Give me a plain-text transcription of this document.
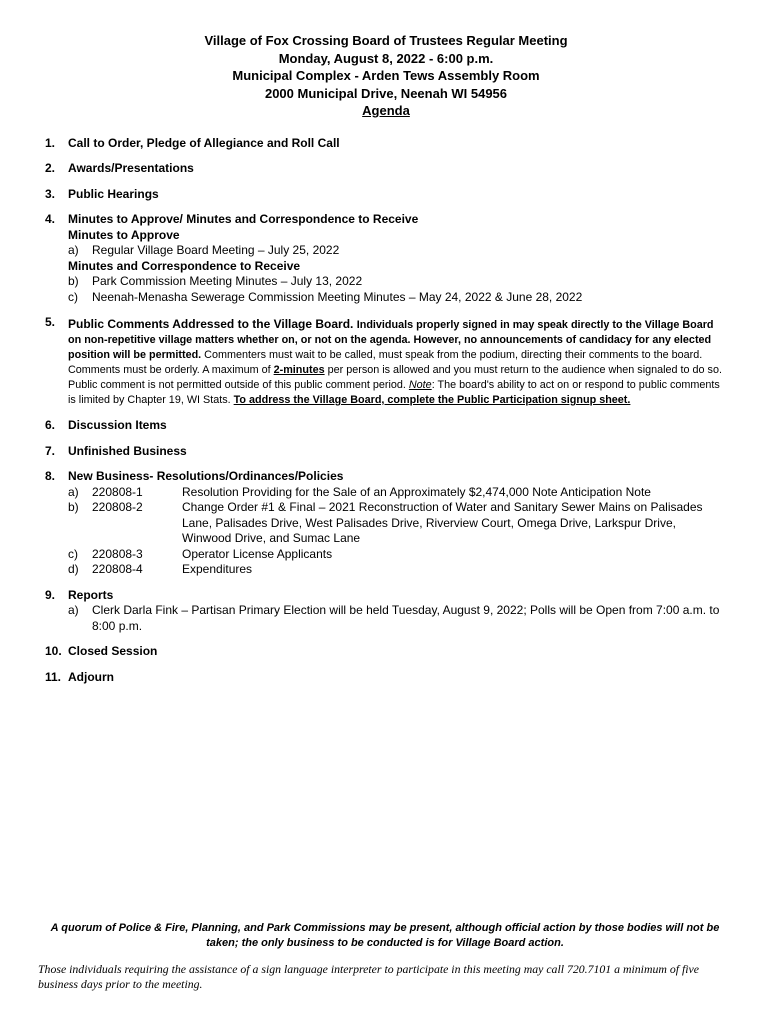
Village of Fox Crossing Board of Trustees Regular Meeting
Monday, August 8, 2022 - 6:00 p.m.
Municipal Complex - Arden Tews Assembly Room
2000 Municipal Drive, Neenah WI 54956
Agenda
1.	Call to Order, Pledge of Allegiance and Roll Call
2.	Awards/Presentations
3.	Public Hearings
4.	Minutes to Approve/ Minutes and Correspondence to Receive
Minutes to Approve
a)	Regular Village Board Meeting – July 25, 2022
Minutes and Correspondence to Receive
b)	Park Commission Meeting Minutes – July 13, 2022
c)	Neenah-Menasha Sewerage Commission Meeting Minutes – May 24, 2022 & June 28, 2022
5.	Public Comments Addressed to the Village Board. Individuals properly signed in may speak directly to the Village Board on non-repetitive village matters whether on, or not on the agenda. However, no announcements of candidacy for any elected position will be permitted. Commenters must wait to be called, must speak from the podium, directing their comments to the board. Comments must be orderly. A maximum of 2-minutes per person is allowed and you must return to the audience when signaled to do so. Public comment is not permitted outside of this public comment period. Note: The board's ability to act on or respond to public comments is limited by Chapter 19, WI Stats. To address the Village Board, complete the Public Participation signup sheet.

6.	Discussion Items
7.	Unfinished Business
8.	New Business- Resolutions/Ordinances/Policies
a)	220808-1	Resolution Providing for the Sale of an Approximately $2,474,000 Note Anticipation Note
b)	220808-2	Change Order #1 & Final – 2021 Reconstruction of Water and Sanitary Sewer Mains on Palisades Lane, Palisades Drive, West Palisades Drive, Riverview Court, Omega Drive, Larkspur Drive, Winwood Drive, and Sumac Lane
c)	220808-3	Operator License Applicants
d)	220808-4	Expenditures
9.	Reports
a)	Clerk Darla Fink – Partisan Primary Election will be held Tuesday, August 9, 2022; Polls will be Open from 7:00 a.m. to 8:00 p.m.
10. Closed Session
11. Adjourn

A quorum of Police & Fire, Planning, and Park Commissions may be present, although official action by those bodies will not be taken; the only business to be conducted is for Village Board action.

Those individuals requiring the assistance of a sign language interpreter to participate in this meeting may call 720.7101 a minimum of five business days prior to the meeting.
